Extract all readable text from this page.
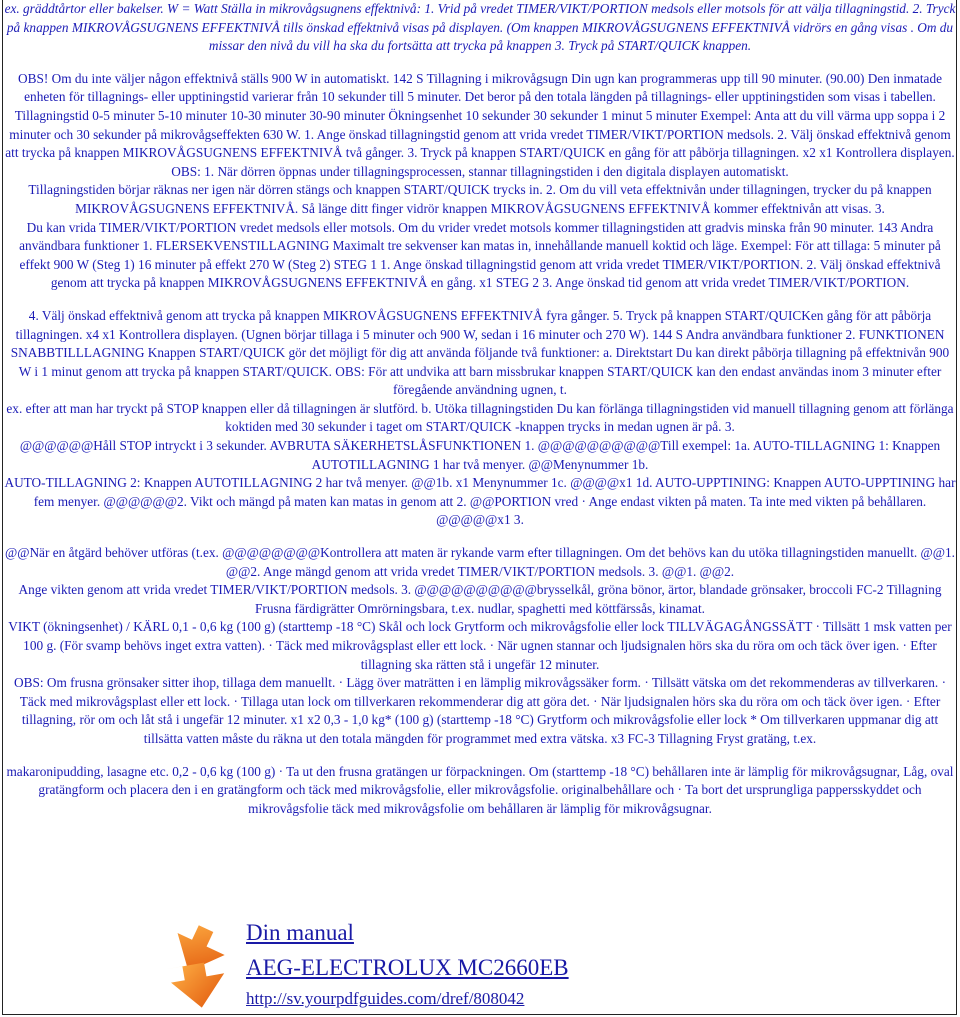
ex. gräddtårtor eller bakelser. W = Watt Ställa in mikrovågsugnens effektnivå: 1. Vrid på vredet TIMER/VIKT/PORTION medsols eller motsols för att välja tillagningstid. 2. Tryck på knappen MIKROVÅGSUGNENS EFFEKTNIVÅ tills önskad effektnivå visas på displayen. (Om knappen MIKROVÅGSUGNENS EFFEKTNIVÅ vidrörs en gång visas . Om du missar den nivå du vill ha ska du fortsätta att trycka på knappen 3. Tryck på START/QUICK knappen.

OBS! Om du inte väljer någon effektnivå ställs 900 W in automatiskt. 142 S Tillagning i mikrovågsugn Din ugn kan programmeras upp till 90 minuter. (90.00) Den inmatade enheten för tillagnings- eller upptiningstid varierar från 10 sekunder till 5 minuter. Det beror på den totala längden på tillagnings- eller upptiningstiden som visas i tabellen. Tillagningstid 0-5 minuter 5-10 minuter 10-30 minuter 30-90 minuter Ökningsenhet 10 sekunder 30 sekunder 1 minut 5 minuter Exempel: Anta att du vill värma upp soppa i 2 minuter och 30 sekunder på mikrovågseffekten 630 W. 1. Ange önskad tillagningstid genom att vrida vredet TIMER/VIKT/PORTION medsols. 2. Välj önskad effektnivå genom att trycka på knappen MIKROVÅGSUGNENS EFFEKTNIVÅ två gånger. 3. Tryck på knappen START/QUICK en gång för att påbörja tillagningen. x2 x1 Kontrollera displayen. OBS: 1. När dörren öppnas under tillagningsprocessen, stannar tillagningstiden i den digitala displayen automatiskt.

Tillagningstiden börjar räknas ner igen när dörren stängs och knappen START/QUICK trycks in. 2. Om du vill veta effektnivån under tillagningen, trycker du på knappen MIKROVÅGSUGNENS EFFEKTNIVÅ. Så länge ditt finger vidrör knappen MIKROVÅGSUGNENS EFFEKTNIVÅ kommer effektnivån att visas. 3.

Du kan vrida TIMER/VIKT/PORTION vredet medsols eller motsols. Om du vrider vredet motsols kommer tillagningstiden att gradvis minska från 90 minuter. 143 Andra användbara funktioner 1. FLERSEKVENSTILLAGNING Maximalt tre sekvenser kan matas in, innehållande manuell koktid och läge. Exempel: För att tillaga: 5 minuter på effekt 900 W (Steg 1) 16 minuter på effekt 270 W (Steg 2) STEG 1 1. Ange önskad tillagningstid genom att vrida vredet TIMER/VIKT/PORTION. 2. Välj önskad effektnivå genom att trycka på knappen MIKROVÅGSUGNENS EFFEKTNIVÅ en gång. x1 STEG 2 3. Ange önskad tid genom att vrida vredet TIMER/VIKT/PORTION.

4. Välj önskad effektnivå genom att trycka på knappen MIKROVÅGSUGNENS EFFEKTNIVÅ fyra gånger. 5. Tryck på knappen START/QUICKen gång för att påbörja tillagningen. x4 x1 Kontrollera displayen. (Ugnen börjar tillaga i 5 minuter och 900 W, sedan i 16 minuter och 270 W). 144 S Andra användbara funktioner 2. FUNKTIONEN SNABBTILLLAGNING Knappen START/QUICK gör det möjligt för dig att använda följande två funktioner: a. Direktstart Du kan direkt påbörja tillagning på effektnivån 900 W i 1 minut genom att trycka på knappen START/QUICK. OBS: För att undvika att barn missbrukar knappen START/QUICK kan den endast användas inom 3 minuter efter föregående användning ugnen, t.

ex. efter att man har tryckt på STOP knappen eller då tillagningen är slutförd. b. Utöka tillagningstiden Du kan förlänga tillagningstiden vid manuell tillagning genom att förlänga koktiden med 30 sekunder i taget om START/QUICK -knappen trycks in medan ugnen är på. 3.

@@@@@@Håll STOP intryckt i 3 sekunder. AVBRUTA SÄKERHETSLÅSFUNKTIONEN 1. @@@@@@@@@@Till exempel: 1a. AUTO-TILLAGNING 1: Knappen AUTOTILLAGNING 1 har två menyer. @@Menynummer 1b.

AUTO-TILLAGNING 2: Knappen AUTOTILLAGNING 2 har två menyer. @@1b. x1 Menynummer 1c. @@@@x1 1d. AUTO-UPPTINING: Knappen AUTO-UPPTINING har fem menyer. @@@@@@2. Vikt och mängd på maten kan matas in genom att 2. @@PORTION vred · Ange endast vikten på maten. Ta inte med vikten på behållaren. @@@@@x1 3.

@@När en åtgärd behöver utföras (t.ex. @@@@@@@@Kontrollera att maten är rykande varm efter tillagningen. Om det behövs kan du utöka tillagningstiden manuellt. @@1. @@2. Ange mängd genom att vrida vredet TIMER/VIKT/PORTION medsols. 3. @@1. @@2.

Ange vikten genom att vrida vredet TIMER/VIKT/PORTION medsols. 3. @@@@@@@@@@brysselkål, gröna bönor, ärtor, blandade grönsaker, broccoli FC-2 Tillagning Frusna färdigrätter Omrörningsbara, t.ex. nudlar, spaghetti med köttfärssås, kinamat.

VIKT (ökningsenhet) / KÄRL 0,1 - 0,6 kg (100 g) (starttemp -18 °C) Skål och lock Grytform och mikrovågsfolie eller lock TILLVÄGAGÅNGSSÄTT · Tillsätt 1 msk vatten per 100 g. (För svamp behövs inget extra vatten). · Täck med mikrovågsplast eller ett lock. · När ugnen stannar och ljudsignalen hörs ska du röra om och täck över igen. · Efter tillagning ska rätten stå i ungefär 12 minuter.

OBS: Om frusna grönsaker sitter ihop, tillaga dem manuellt. · Lägg över maträtten i en lämplig mikrovågssäker form. · Tillsätt vätska om det rekommenderas av tillverkaren. · Täck med mikrovågsplast eller ett lock. · Tillaga utan lock om tillverkaren rekommenderar dig att göra det. · När ljudsignalen hörs ska du röra om och täck över igen. · Efter tillagning, rör om och låt stå i ungefär 12 minuter. x1 x2 0,3 - 1,0 kg* (100 g) (starttemp -18 °C) Grytform och mikrovågsfolie eller lock * Om tillverkaren uppmanar dig att tillsätta vatten måste du räkna ut den totala mängden för programmet med extra vätska. x3 FC-3 Tillagning Fryst gratäng, t.ex.

makaronipudding, lasagne etc. 0,2 - 0,6 kg (100 g) · Ta ut den frusna gratängen ur förpackningen. Om (starttemp -18 °C) behållaren inte är lämplig för mikrovågsugnar, Låg, oval gratängform och placera den i en gratängform och täck med mikrovågsfolie, eller mikrovågsfolie. originalbehållare och · Ta bort det ursprungliga pappersskyddet och mikrovågsfolie täck med mikrovågsfolie om behållaren är lämplig för mikrovågsugnar.

Din manual
AEG-ELECTROLUX MC2660EB
http://sv.yourpdfguides.com/dref/808042
